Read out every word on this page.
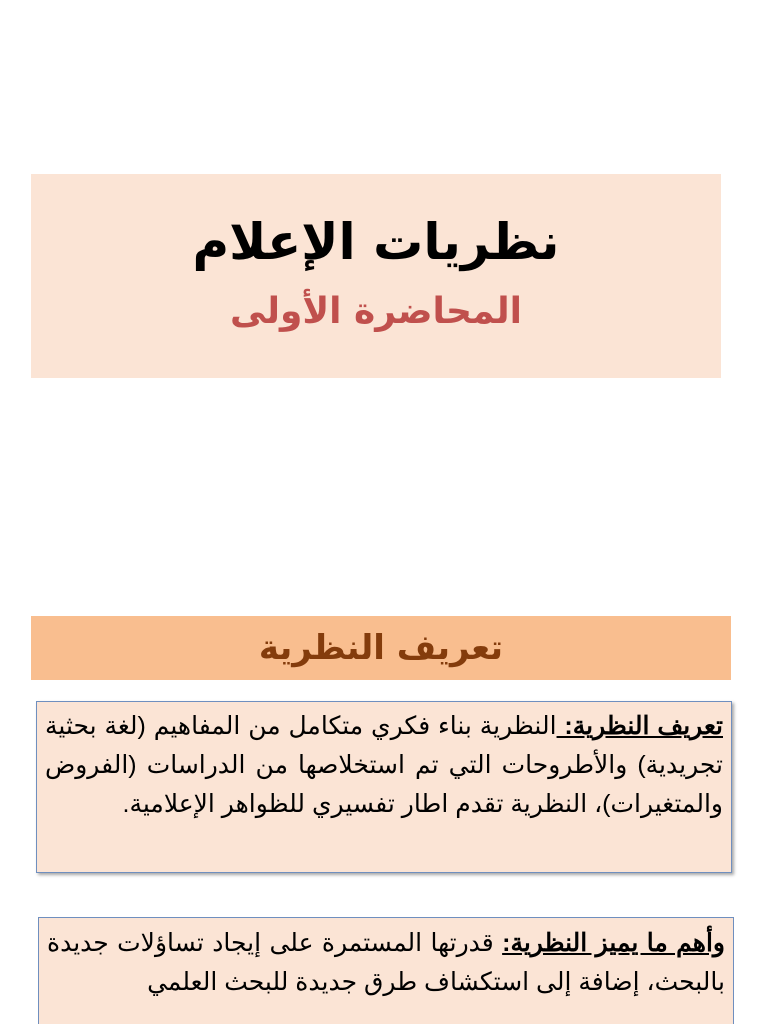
نظريات الإعلام
المحاضرة الأولى
تعريف النظرية

تعريف النظرية: النظرية بناء فكري متكامل من المفاهيم (لغة بحثية تجريدية) والأطروحات التي تم استخلاصها من الدراسات (الفروض والمتغيرات)، النظرية تقدم اطار تفسيري للظواهر الإعلامية.

وأهم ما يميز النظرية: قدرتها المستمرة على إيجاد تساؤلات جديدة بالبحث، إضافة إلى استكشاف طرق جديدة للبحث العلمي
